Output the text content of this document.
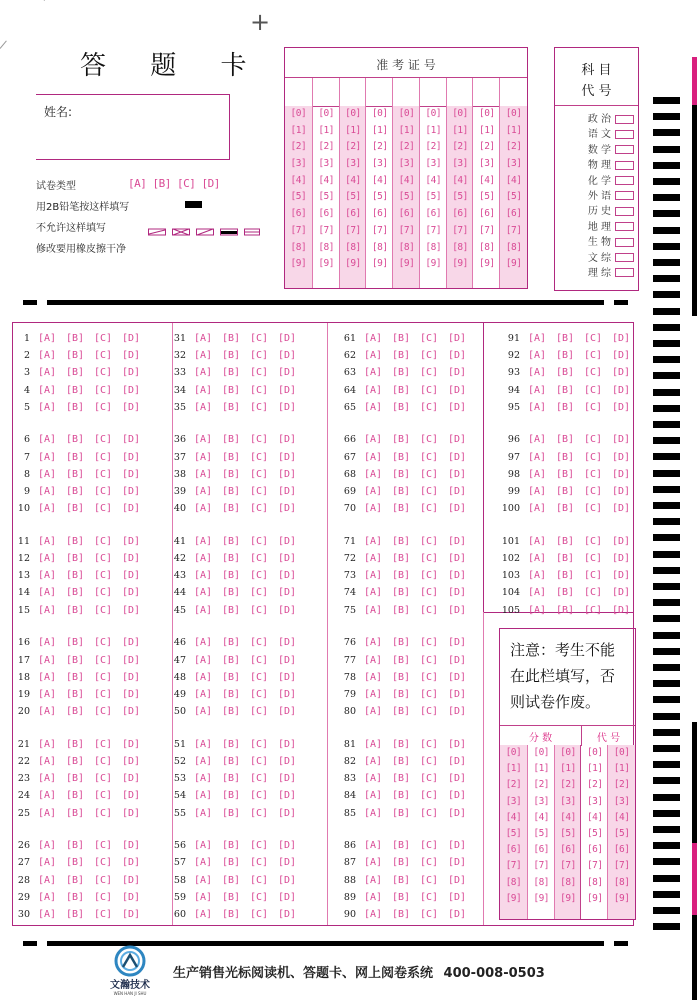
+
答 题 卡
姓名:
试卷类型	[A] [B] [C] [D]
用2B铅笔按这样填写
不允许这样填写
修改要用橡皮擦干净
准 考 证 号
[0]
[1]
[2]
[3]
[4]
[5]
[6]
[7]
[8]
[9]
[0]
[1]
[2]
[3]
[4]
[5]
[6]
[7]
[8]
[9]
[0]
[1]
[2]
[3]
[4]
[5]
[6]
[7]
[8]
[9]
[0]
[1]
[2]
[3]
[4]
[5]
[6]
[7]
[8]
[9]
[0]
[1]
[2]
[3]
[4]
[5]
[6]
[7]
[8]
[9]
[0]
[1]
[2]
[3]
[4]
[5]
[6]
[7]
[8]
[9]
[0]
[1]
[2]
[3]
[4]
[5]
[6]
[7]
[8]
[9]
[0]
[1]
[2]
[3]
[4]
[5]
[6]
[7]
[8]
[9]
[0]
[1]
[2]
[3]
[4]
[5]
[6]
[7]
[8]
[9]
科 目
代 号
政 治
语 文
数 学
物 理
化 学
外 语
历 史
地 理
生 物
文 综
理 综
1 [A] [B] [C] [D]
2 [A] [B] [C] [D]
3 [A] [B] [C] [D]
4 [A] [B] [C] [D]
5 [A] [B] [C] [D]
6 [A] [B] [C] [D]
7 [A] [B] [C] [D]
8 [A] [B] [C] [D]
9 [A] [B] [C] [D]
10 [A] [B] [C] [D]
11 [A] [B] [C] [D]
12 [A] [B] [C] [D]
13 [A] [B] [C] [D]
14 [A] [B] [C] [D]
15 [A] [B] [C] [D]
16 [A] [B] [C] [D]
17 [A] [B] [C] [D]
18 [A] [B] [C] [D]
19 [A] [B] [C] [D]
20 [A] [B] [C] [D]
21 [A] [B] [C] [D]
22 [A] [B] [C] [D]
23 [A] [B] [C] [D]
24 [A] [B] [C] [D]
25 [A] [B] [C] [D]
26 [A] [B] [C] [D]
27 [A] [B] [C] [D]
28 [A] [B] [C] [D]
29 [A] [B] [C] [D]
30 [A] [B] [C] [D]
31 [A] [B] [C] [D]
32 [A] [B] [C] [D]
33 [A] [B] [C] [D]
34 [A] [B] [C] [D]
35 [A] [B] [C] [D]
36 [A] [B] [C] [D]
37 [A] [B] [C] [D]
38 [A] [B] [C] [D]
39 [A] [B] [C] [D]
40 [A] [B] [C] [D]
41 [A] [B] [C] [D]
42 [A] [B] [C] [D]
43 [A] [B] [C] [D]
44 [A] [B] [C] [D]
45 [A] [B] [C] [D]
46 [A] [B] [C] [D]
47 [A] [B] [C] [D]
48 [A] [B] [C] [D]
49 [A] [B] [C] [D]
50 [A] [B] [C] [D]
51 [A] [B] [C] [D]
52 [A] [B] [C] [D]
53 [A] [B] [C] [D]
54 [A] [B] [C] [D]
55 [A] [B] [C] [D]
56 [A] [B] [C] [D]
57 [A] [B] [C] [D]
58 [A] [B] [C] [D]
59 [A] [B] [C] [D]
60 [A] [B] [C] [D]
61 [A] [B] [C] [D]
62 [A] [B] [C] [D]
63 [A] [B] [C] [D]
64 [A] [B] [C] [D]
65 [A] [B] [C] [D]
66 [A] [B] [C] [D]
67 [A] [B] [C] [D]
68 [A] [B] [C] [D]
69 [A] [B] [C] [D]
70 [A] [B] [C] [D]
71 [A] [B] [C] [D]
72 [A] [B] [C] [D]
73 [A] [B] [C] [D]
74 [A] [B] [C] [D]
75 [A] [B] [C] [D]
76 [A] [B] [C] [D]
77 [A] [B] [C] [D]
78 [A] [B] [C] [D]
79 [A] [B] [C] [D]
80 [A] [B] [C] [D]
81 [A] [B] [C] [D]
82 [A] [B] [C] [D]
83 [A] [B] [C] [D]
84 [A] [B] [C] [D]
85 [A] [B] [C] [D]
86 [A] [B] [C] [D]
87 [A] [B] [C] [D]
88 [A] [B] [C] [D]
89 [A] [B] [C] [D]
90 [A] [B] [C] [D]
91 [A] [B] [C] [D]
92 [A] [B] [C] [D]
93 [A] [B] [C] [D]
94 [A] [B] [C] [D]
95 [A] [B] [C] [D]
96 [A] [B] [C] [D]
97 [A] [B] [C] [D]
98 [A] [B] [C] [D]
99 [A] [B] [C] [D]
100 [A] [B] [C] [D]
101 [A] [B] [C] [D]
102 [A] [B] [C] [D]
103 [A] [B] [C] [D]
104 [A] [B] [C] [D]
105 [A] [B] [C] [D]
注意：考生不能
在此栏填写，否
则试卷作废。
分 数	代 号
[0]
[1]
[2]
[3]
[4]
[5]
[6]
[7]
[8]
[9]
[0]
[1]
[2]
[3]
[4]
[5]
[6]
[7]
[8]
[9]
[0]
[1]
[2]
[3]
[4]
[5]
[6]
[7]
[8]
[9]
[0]
[1]
[2]
[3]
[4]
[5]
[6]
[7]
[8]
[9]
[0]
[1]
[2]
[3]
[4]
[5]
[6]
[7]
[8]
[9]
文瀚技术
WEN HAN JI SHU
生产销售光标阅读机、答题卡、网上阅卷系统 400-008-0503
